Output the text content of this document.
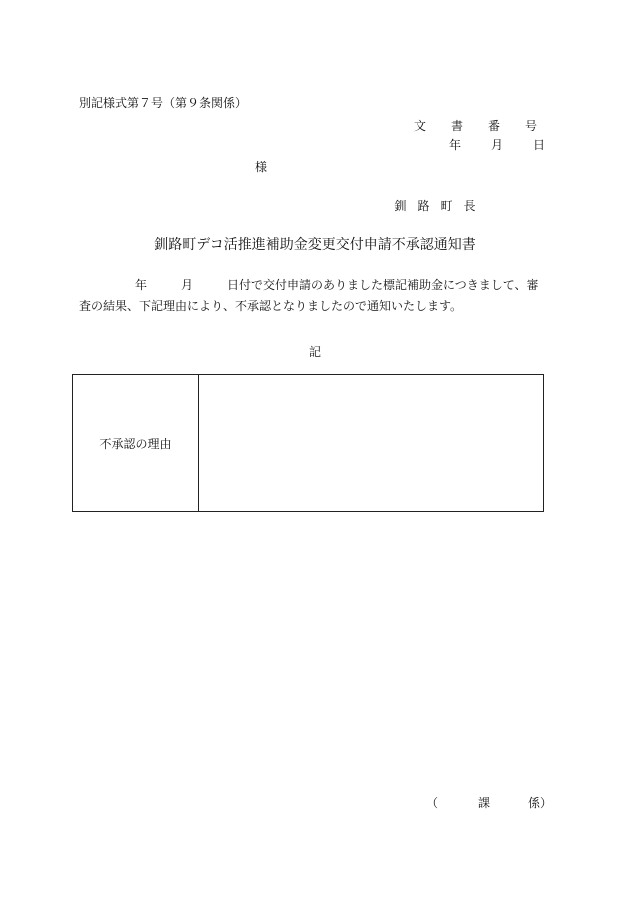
別記様式第７号（第９条関係）
文 書 番 号
年 月 日
様
釧 路 町 長
釧路町デコ活推進補助金変更交付申請不承認通知書
年	月	日付で交付申請のありました標記補助金につきまして、審
査の結果、下記理由により、不承認となりましたので通知いたします。
記
不承認の理由
（	課	係）
